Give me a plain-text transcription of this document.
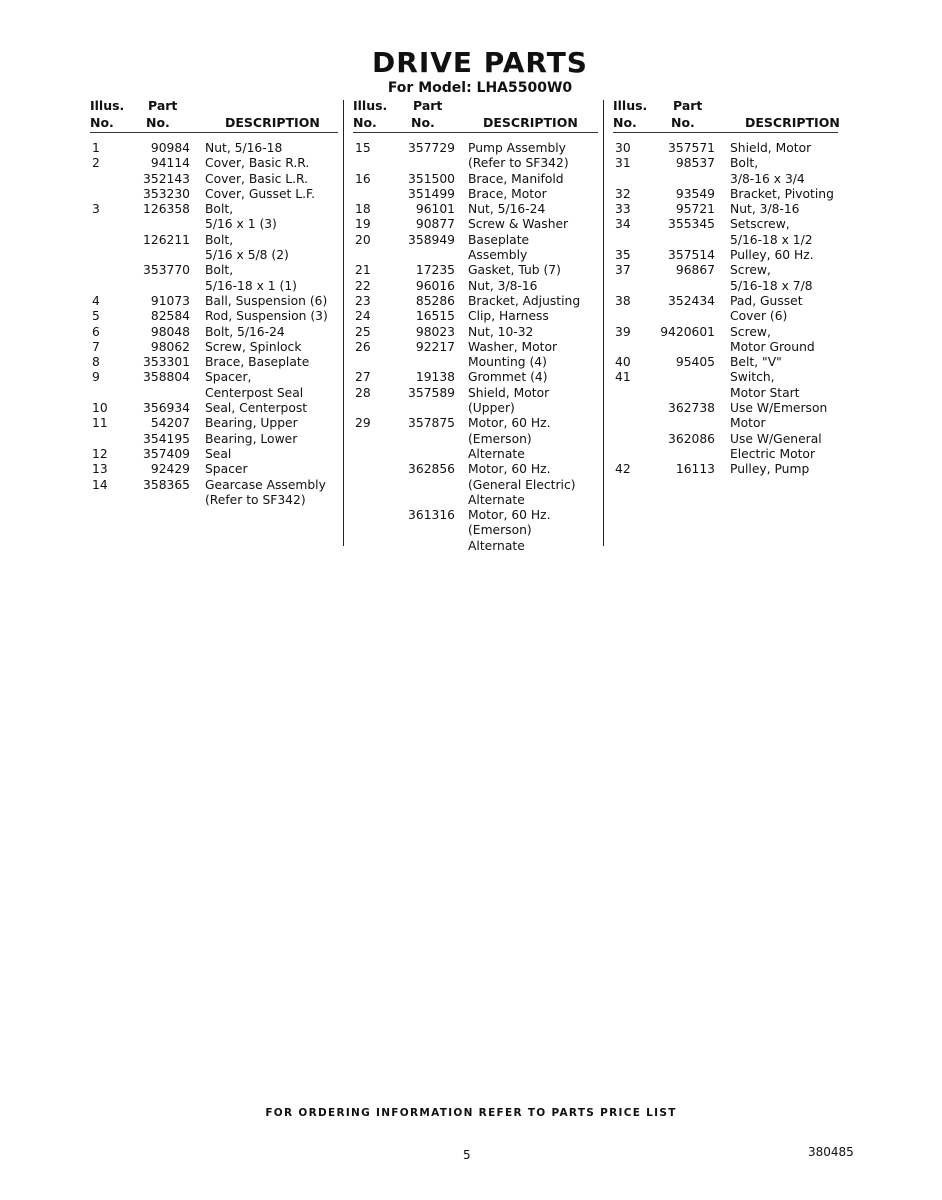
DRIVE PARTS
For Model: LHA5500W0
Illus.
No.
Part
No.	DESCRIPTION
1	90984 Nut, 5/16-18
2	94114 Cover, Basic R.R.
352143 Cover, Basic L.R.
353230 Cover, Gusset L.F.
3	126358 Bolt,
5/16 x 1 (3)
126211 Bolt,
5/16 x 5/8 (2)
353770 Bolt,
5/16-18 x 1 (1)
4	91073 Ball, Suspension (6)
5	82584 Rod, Suspension (3)
6	98048 Bolt, 5/16-24
7	98062 Screw, Spinlock
8	353301 Brace, Baseplate
9	358804 Spacer,
Centerpost Seal
10	356934 Seal, Centerpost
11	54207 Bearing, Upper
354195 Bearing, Lower
12	357409 Seal
13	92429 Spacer
14	358365 Gearcase Assembly
(Refer to SF342)
Illus.
No.
Part
No.	DESCRIPTION
15	357729 Pump Assembly
(Refer to SF342)
16	351500 Brace, Manifold
351499 Brace, Motor
18	96101 Nut, 5/16-24
19	90877 Screw & Washer
20	358949 Baseplate
Assembly
21	17235 Gasket, Tub (7)
22	96016 Nut, 3/8-16
23	85286 Bracket, Adjusting
24	16515 Clip, Harness
25	98023 Nut, 10-32
26	92217 Washer, Motor
Mounting (4)
27	19138 Grommet (4)
28	357589 Shield, Motor
(Upper)
29	357875 Motor, 60 Hz.
(Emerson)
Alternate
362856 Motor, 60 Hz.
(General Electric)
Alternate
361316 Motor, 60 Hz.
(Emerson)
Alternate
Illus.
No.
Part
No.	DESCRIPTION
30	357571 Shield, Motor
31	98537 Bolt,
3/8-16 x 3/4
32	93549 Bracket, Pivoting
33	95721 Nut, 3/8-16
34	355345 Setscrew,
5/16-18 x 1/2
35	357514 Pulley, 60 Hz.
37	96867 Screw,
5/16-18 x 7/8
38	352434 Pad, Gusset
Cover (6)
39	9420601 Screw,
Motor Ground
40	95405 Belt, "V"
41	Switch,
Motor Start
362738 Use W/Emerson
Motor
362086 Use W/General
Electric Motor
42	16113 Pulley, Pump
FOR ORDERING INFORMATION REFER TO PARTS PRICE LIST
5	380485
